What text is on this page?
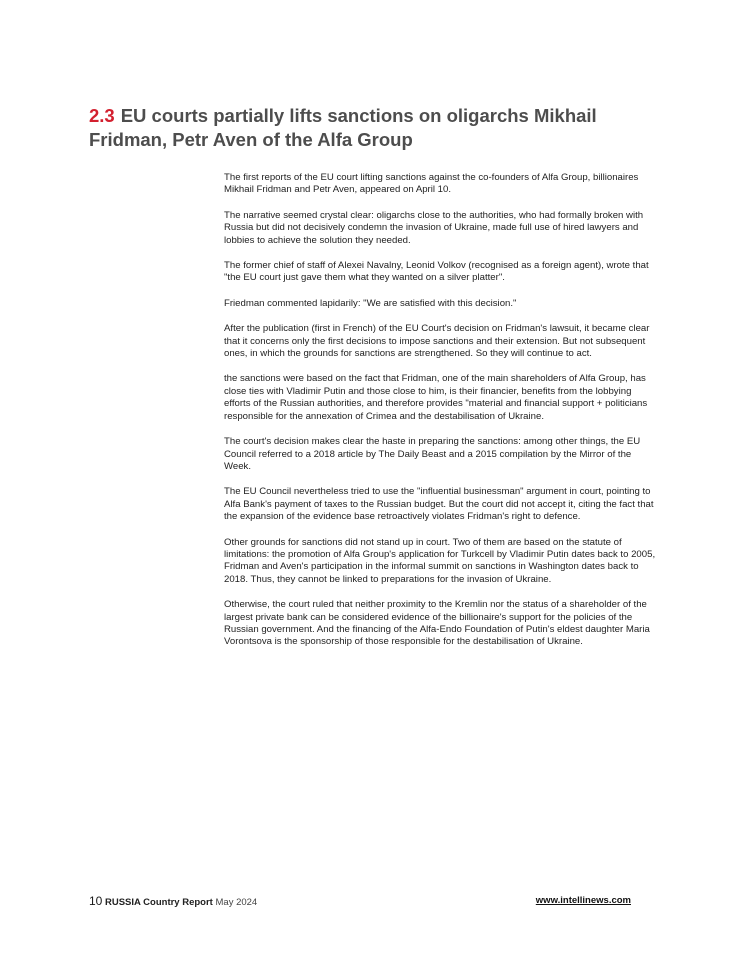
2.3 EU courts partially lifts sanctions on oligarchs Mikhail Fridman, Petr Aven of the Alfa Group

The first reports of the EU court lifting sanctions against the co-founders of Alfa Group, billionaires Mikhail Fridman and Petr Aven, appeared on April 10.

The narrative seemed crystal clear: oligarchs close to the authorities, who had formally broken with Russia but did not decisively condemn the invasion of Ukraine, made full use of hired lawyers and lobbies to achieve the solution they needed.

The former chief of staff of Alexei Navalny, Leonid Volkov (recognised as a foreign agent), wrote that "the EU court just gave them what they wanted on a silver platter".

Friedman commented lapidarily: "We are satisfied with this decision."

After the publication (first in French) of the EU Court's decision on Fridman's lawsuit, it became clear that it concerns only the first decisions to impose sanctions and their extension. But not subsequent ones, in which the grounds for sanctions are strengthened. So they will continue to act.

the sanctions were based on the fact that Fridman, one of the main shareholders of Alfa Group, has close ties with Vladimir Putin and those close to him, is their financier, benefits from the lobbying efforts of the Russian authorities, and therefore provides "material and financial support + politicians responsible for the annexation of Crimea and the destabilisation of Ukraine.

The court's decision makes clear the haste in preparing the sanctions: among other things, the EU Council referred to a 2018 article by The Daily Beast and a 2015 compilation by the Mirror of the Week.

The EU Council nevertheless tried to use the "influential businessman" argument in court, pointing to Alfa Bank's payment of taxes to the Russian budget. But the court did not accept it, citing the fact that the expansion of the evidence base retroactively violates Fridman's right to defence.

Other grounds for sanctions did not stand up in court. Two of them are based on the statute of limitations: the promotion of Alfa Group's application for Turkcell by Vladimir Putin dates back to 2005, Fridman and Aven's participation in the informal summit on sanctions in Washington dates back to 2018. Thus, they cannot be linked to preparations for the invasion of Ukraine.

Otherwise, the court ruled that neither proximity to the Kremlin nor the status of a shareholder of the largest private bank can be considered evidence of the billionaire's support for the policies of the Russian government. And the financing of the Alfa-Endo Foundation of Putin's eldest daughter Maria Vorontsova is the sponsorship of those responsible for the destabilisation of Ukraine.

10 RUSSIA Country Report May 2024	www.intellinews.com
